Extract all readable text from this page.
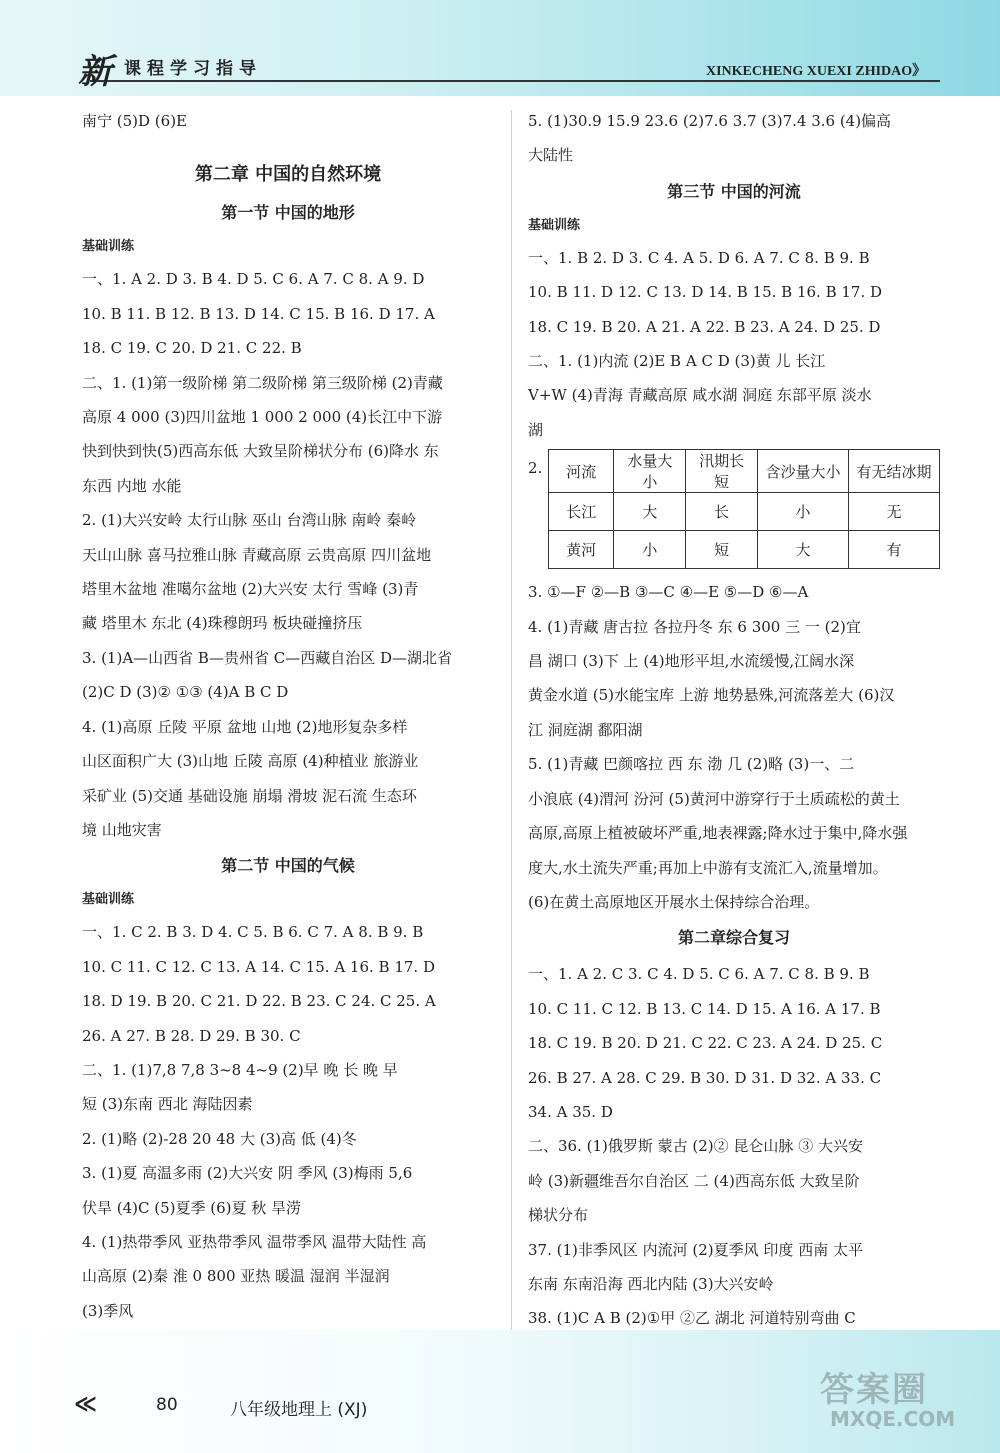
新 课程学习指导	XINKECHENG XUEXI ZHIDAO》

南宁 (5)D (6)E

第二章 中国的自然环境

第一节 中国的地形

基础训练

一、1. A 2. D 3. B 4. D 5. C 6. A 7. C 8. A 9. D

10. B 11. B 12. B 13. D 14. C 15. B 16. D 17. A

18. C 19. C 20. D 21. C 22. B

二、1. (1)第一级阶梯 第二级阶梯 第三级阶梯 (2)青藏

高原 4 000 (3)四川盆地 1 000 2 000 (4)长江中下游

快到快到快(5)西高东低 大致呈阶梯状分布 (6)降水 东

东西 内地 水能

2. (1)大兴安岭 太行山脉 巫山 台湾山脉 南岭 秦岭

天山山脉 喜马拉雅山脉 青藏高原 云贵高原 四川盆地

塔里木盆地 准噶尔盆地 (2)大兴安 太行 雪峰 (3)青

藏 塔里木 东北 (4)珠穆朗玛 板块碰撞挤压

3. (1)A—山西省 B—贵州省 C—西藏自治区 D—湖北省

(2)C D (3)② ①③ (4)A B C D

4. (1)高原 丘陵 平原 盆地 山地 (2)地形复杂多样

山区面积广大 (3)山地 丘陵 高原 (4)种植业 旅游业

采矿业 (5)交通 基础设施 崩塌 滑坡 泥石流 生态环

境 山地灾害

第二节 中国的气候

基础训练

一、1. C 2. B 3. D 4. C 5. B 6. C 7. A 8. B 9. B

10. C 11. C 12. C 13. A 14. C 15. A 16. B 17. D

18. D 19. B 20. C 21. D 22. B 23. C 24. C 25. A

26. A 27. B 28. D 29. B 30. C

二、1. (1)7,8 7,8 3~8 4~9 (2)早 晚 长 晚 早

短 (3)东南 西北 海陆因素

2. (1)略 (2)-28 20 48 大 (3)高 低 (4)冬

3. (1)夏 高温多雨 (2)大兴安 阴 季风 (3)梅雨 5,6

伏旱 (4)C (5)夏季 (6)夏 秋 旱涝

4. (1)热带季风 亚热带季风 温带季风 温带大陆性 高

山高原 (2)秦 淮 0 800 亚热 暖温 湿润 半湿润

(3)季风

5. (1)30.9 15.9 23.6 (2)7.6 3.7 (3)7.4 3.6 (4)偏高

大陆性

第三节 中国的河流

基础训练

一、1. B 2. D 3. C 4. A 5. D 6. A 7. C 8. B 9. B

10. B 11. D 12. C 13. D 14. B 15. B 16. B 17. D

18. C 19. B 20. A 21. A 22. B 23. A 24. D 25. D

二、1. (1)内流 (2)E B A C D (3)黄 儿 长江

V+W (4)青海 青藏高原 咸水湖 洞庭 东部平原 淡水

湖

2. 河流	水量大小	汛期长短	含沙量大小	有无结冰期
长江	大	长	小	无
黄河	小	短	大	有

3. ①—F ②—B ③—C ④—E ⑤—D ⑥—A

4. (1)青藏 唐古拉 各拉丹冬 东 6 300 三 一 (2)宜

昌 湖口 (3)下 上 (4)地形平坦,水流缓慢,江阔水深

黄金水道 (5)水能宝库 上游 地势悬殊,河流落差大 (6)汉

江 洞庭湖 鄱阳湖

5. (1)青藏 巴颜喀拉 西 东 渤 几 (2)略 (3)一、二

小浪底 (4)渭河 汾河 (5)黄河中游穿行于土质疏松的黄土

高原,高原上植被破坏严重,地表裸露;降水过于集中,降水强

度大,水土流失严重;再加上中游有支流汇入,流量增加。

(6)在黄土高原地区开展水土保持综合治理。

第二章综合复习

一、1. A 2. C 3. C 4. D 5. C 6. A 7. C 8. B 9. B

10. C 11. C 12. B 13. C 14. D 15. A 16. A 17. B

18. C 19. B 20. D 21. C 22. C 23. A 24. D 25. C

26. B 27. A 28. C 29. B 30. D 31. D 32. A 33. C

34. A 35. D

二、36. (1)俄罗斯 蒙古 (2)② 昆仑山脉 ③ 大兴安

岭 (3)新疆维吾尔自治区 二 (4)西高东低 大致呈阶

梯状分布

37. (1)非季风区 内流河 (2)夏季风 印度 西南 太平

东南 东南沿海 西北内陆 (3)大兴安岭

38. (1)C A B (2)①甲 ②乙 湖北 河道特别弯曲 C

≪	80	八年级地理上 (XJ)	答案圈
MXQE.COM
